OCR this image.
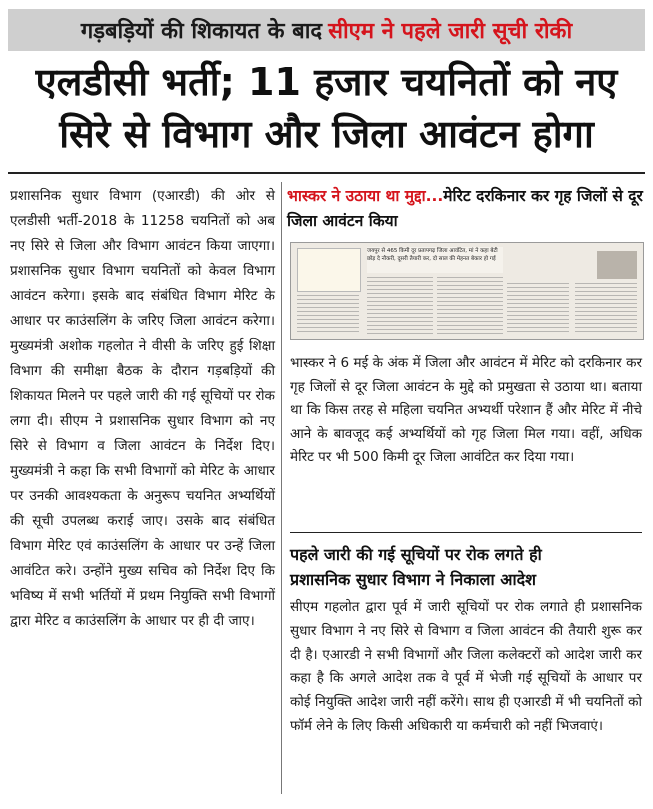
गड़बड़ियों की शिकायत के बाद सीएम ने पहले जारी सूची रोकी
एलडीसी भर्ती; 11 हजार चयनितों को नए
सिरे से विभाग और जिला आवंटन होगा

प्रशासनिक सुधार विभाग (एआरडी) की ओर से एलडीसी भर्ती-2018 के 11258 चयनितों को अब नए सिरे से जिला और विभाग आवंटन किया जाएगा। प्रशासनिक सुधार विभाग चयनितों को केवल विभाग आवंटन करेगा। इसके बाद संबंधित विभाग मेरिट के आधार पर काउंसलिंग के जरिए जिला आवंटन करेगा। मुख्यमंत्री अशोक गहलोत ने वीसी के जरिए हुई शिक्षा विभाग की समीक्षा बैठक के दौरान गड़बड़ियों की शिकायत मिलने पर पहले जारी की गई सूचियों पर रोक लगा दी। सीएम ने प्रशासनिक सुधार विभाग को नए सिरे से विभाग व जिला आवंटन के निर्देश दिए। मुख्यमंत्री ने कहा कि सभी विभागों को मेरिट के आधार पर उनकी आवश्यकता के अनुरूप चयनित अभ्यर्थियों की सूची उपलब्ध कराई जाए। उसके बाद संबंधित विभाग मेरिट एवं काउंसलिंग के आधार पर उन्हें जिला आवंटित करे। उन्होंने मुख्य सचिव को निर्देश दिए कि भविष्य में सभी भर्तियों में प्रथम नियुक्ति सभी विभागों द्वारा मेरिट व काउंसलिंग के आधार पर ही दी जाए।

भास्कर ने उठाया था मुद्दा...मेरिट दरकिनार कर गृह जिलों से दूर जिला आवंटन किया
जयपुर से 465 किमी दूर प्रतापगढ़ जिला आवंटित, मां ने कहा बेटी छोड़ दे नौकरी, दूसरी तैयारी कर, दो साल की मेहनत बेकार हो गई

भास्कर ने 6 मई के अंक में जिला और आवंटन में मेरिट को दरकिनार कर गृह जिलों से दूर जिला आवंटन के मुद्दे को प्रमुखता से उठाया था। बताया था कि किस तरह से महिला चयनित अभ्यर्थी परेशान हैं और मेरिट में नीचे आने के बावजूद कई अभ्यर्थियों को गृह जिला मिल गया। वहीं, अधिक मेरिट पर भी 500 किमी दूर जिला आवंटित कर दिया गया।

पहले जारी की गई सूचियों पर रोक लगते ही
प्रशासनिक सुधार विभाग ने निकाला आदेश

सीएम गहलोत द्वारा पूर्व में जारी सूचियों पर रोक लगाते ही प्रशासनिक सुधार विभाग ने नए सिरे से विभाग व जिला आवंटन की तैयारी शुरू कर दी है। एआरडी ने सभी विभागों और जिला कलेक्टरों को आदेश जारी कर कहा है कि अगले आदेश तक वे पूर्व में भेजी गई सूचियों के आधार पर कोई नियुक्ति आदेश जारी नहीं करेंगे। साथ ही एआरडी में भी चयनितों को फॉर्म लेने के लिए किसी अधिकारी या कर्मचारी को नहीं भिजवाएं।
